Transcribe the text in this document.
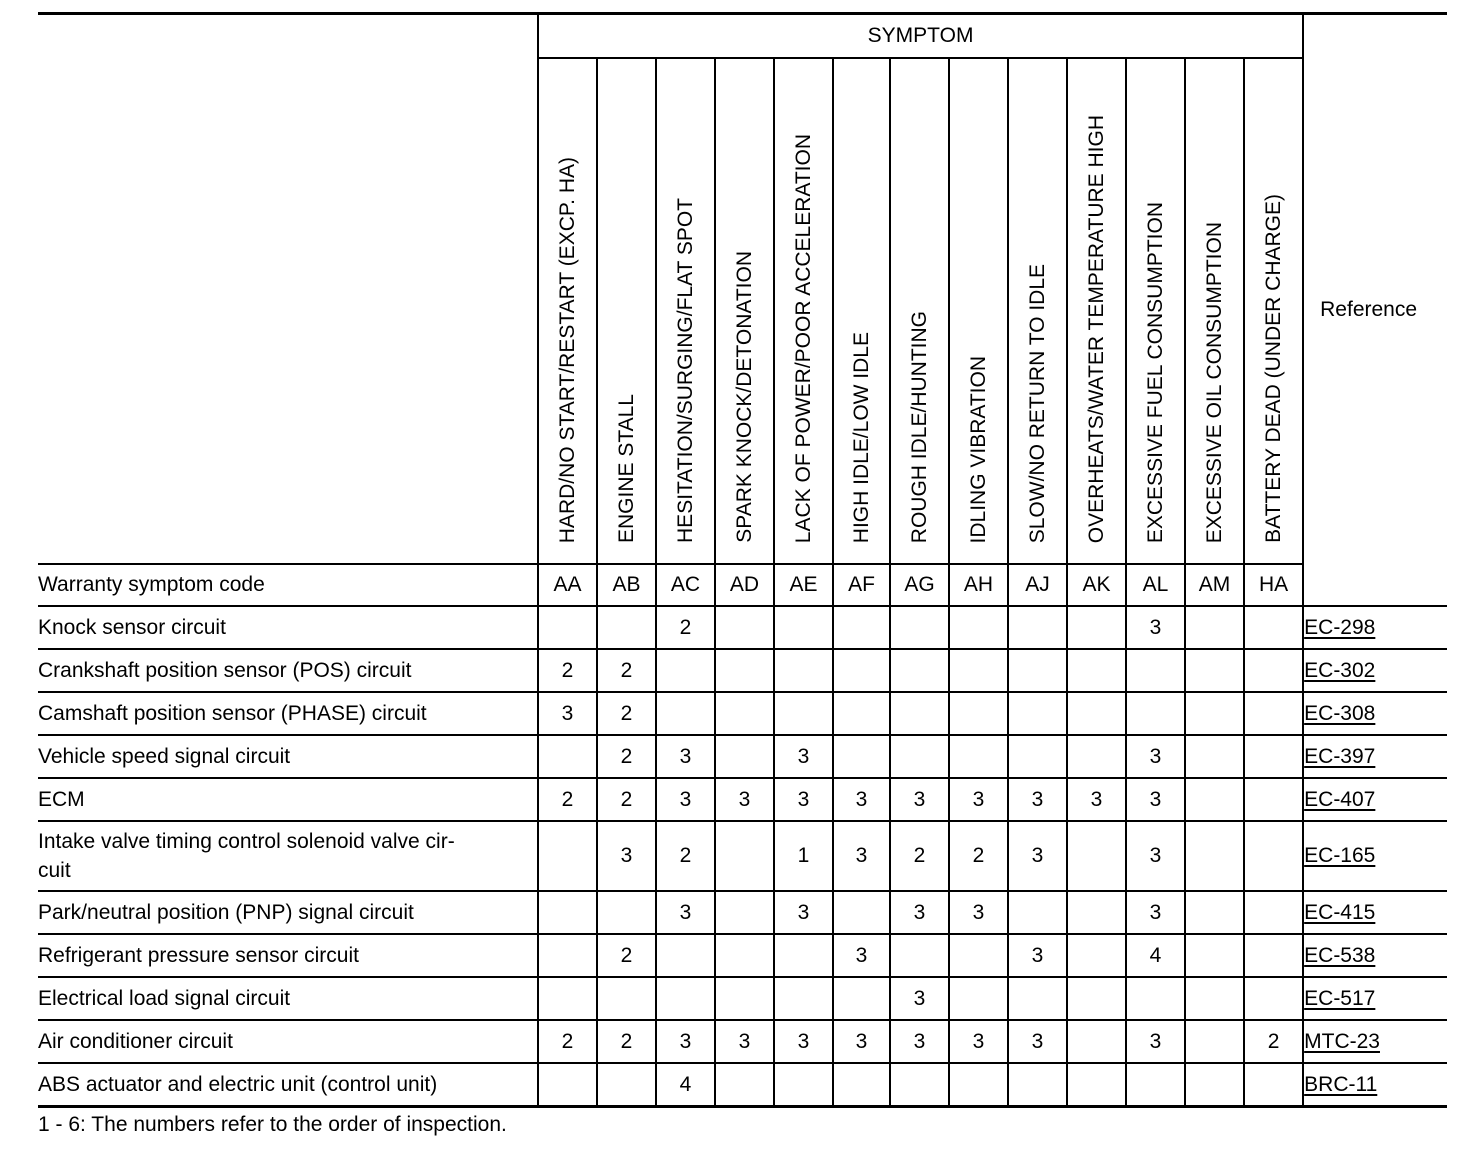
	SYMPTOM													Reference
	HARD/NO START/RESTART (EXCP. HA)	ENGINE STALL	HESITATION/SURGING/FLAT SPOT	SPARK KNOCK/DETONATION	LACK OF POWER/POOR ACCELERATION	HIGH IDLE/LOW IDLE	ROUGH IDLE/HUNTING	IDLING VIBRATION	SLOW/NO RETURN TO IDLE	OVERHEATS/WATER TEMPERATURE HIGH	EXCESSIVE FUEL CONSUMPTION	EXCESSIVE OIL CONSUMPTION	BATTERY DEAD (UNDER CHARGE)	
Warranty symptom code	AA	AB	AC	AD	AE	AF	AG	AH	AJ	AK	AL	AM	HA	
Knock sensor circuit			2								3			EC-298
Crankshaft position sensor (POS) circuit	2	2												EC-302
Camshaft position sensor (PHASE) circuit	3	2												EC-308
Vehicle speed signal circuit		2	3		3						3			EC-397
ECM	2	2	3	3	3	3	3	3	3	3	3			EC-407
Intake valve timing control solenoid valve cir-
cuit		3	2		1	3	2	2	3		3			EC-165
Park/neutral position (PNP) signal circuit			3		3		3	3			3			EC-415
Refrigerant pressure sensor circuit		2				3			3		4			EC-538
Electrical load signal circuit							3							EC-517
Air conditioner circuit	2	2	3	3	3	3	3	3	3		3		2	MTC-23
ABS actuator and electric unit (control unit)			4											BRC-11
1 - 6: The numbers refer to the order of inspection.
